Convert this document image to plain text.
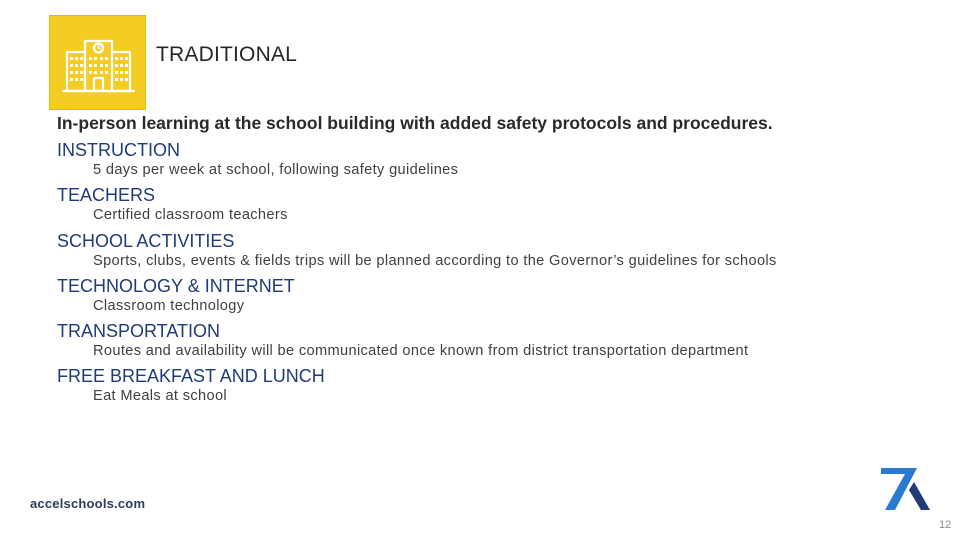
TRADITIONAL
In-person learning at the school building with added safety protocols and procedures.
INSTRUCTION
5 days per week at school, following safety guidelines
TEACHERS
Certified classroom teachers
SCHOOL ACTIVITIES
Sports, clubs, events & fields trips will be planned according to the Governor’s guidelines for schools
TECHNOLOGY & INTERNET
Classroom technology
TRANSPORTATION
Routes and availability will be communicated once known from district transportation department
FREE BREAKFAST AND LUNCH
Eat Meals at school
accelschools.com
12
